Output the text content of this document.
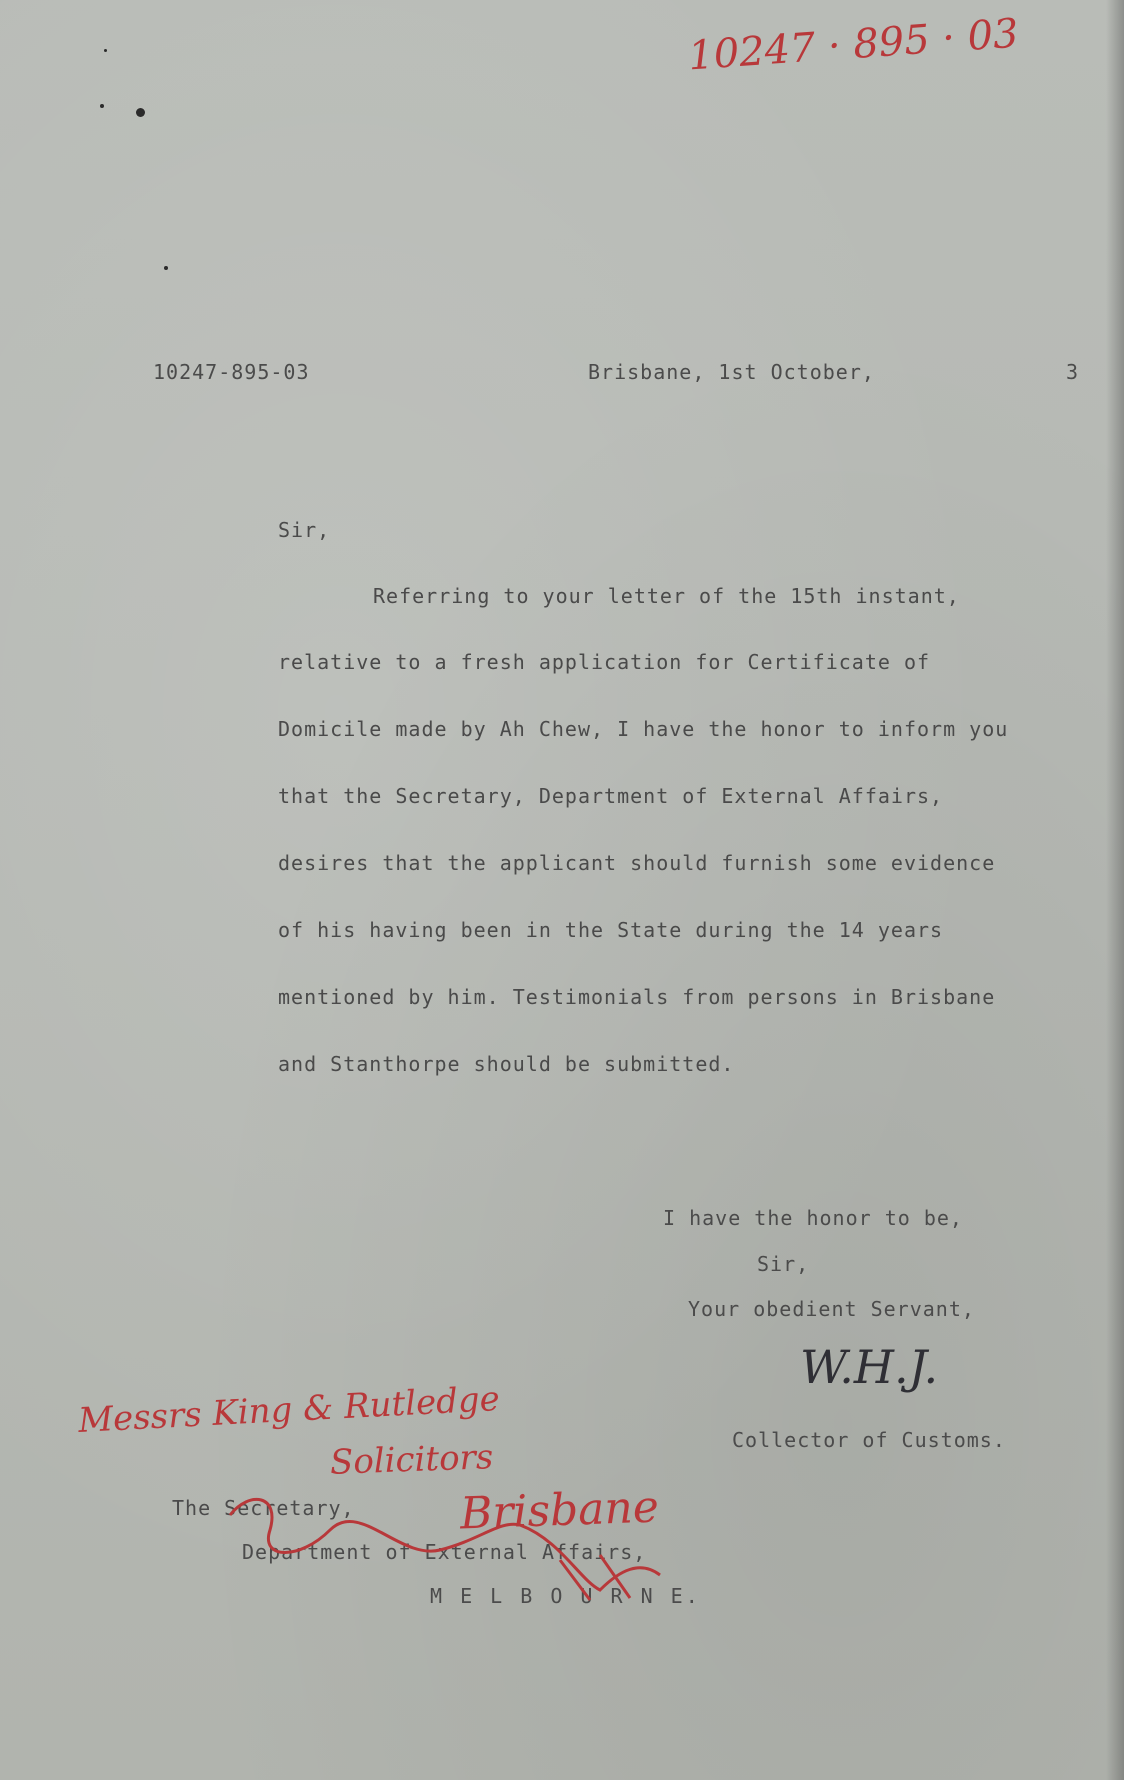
10247 · 895 · 03
10247-895-03	Brisbane, 1st October,	3
Sir,
Referring to your letter of the 15th instant,
relative to a fresh application for Certificate of
Domicile made by Ah Chew, I have the honor to inform you
that the Secretary, Department of External Affairs,
desires that the applicant should furnish some evidence
of his having been in the State during the 14 years
mentioned by him. Testimonials from persons in Brisbane
and Stanthorpe should be submitted.
I have the honor to be,
Sir,
Your obedient Servant,
W.H.J.
Collector of Customs.
The Secretary,
Department of External Affairs,
M E L B O U R N E.
Messrs King & Rutledge
Solicitors
Brisbane
